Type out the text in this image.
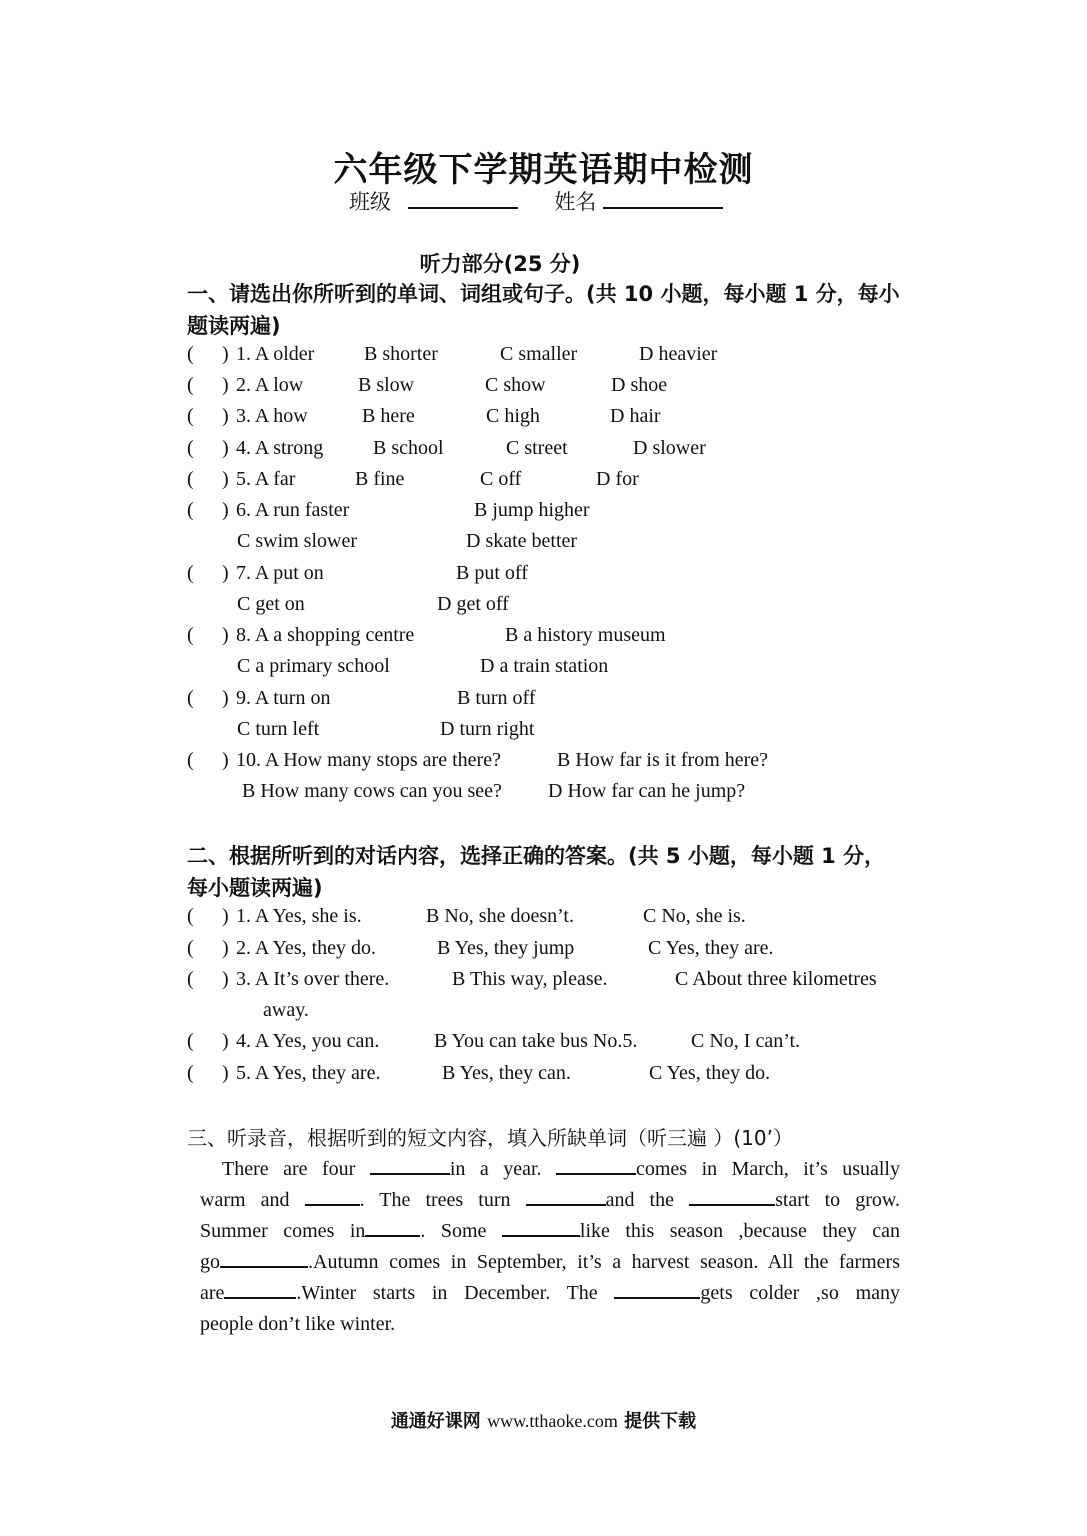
六年级下学期英语期中检测
班级	姓名
听力部分(25 分)
一、请选出你所听到的单词、词组或句子。(共 10 小题，每小题 1 分，每小
题读两遍)
( ) 1. A older B shorter	C smaller	D heavier
( ) 2. A low	B slow	C show	D shoe
( ) 3. A how	B here	C high	D hair
( ) 4. A strong B school	C street	D slower
( ) 5. A far	B fine	C off	D for
( ) 6. A run faster	B jump higher
C swim slower	D skate better
( ) 7. A put on	B put off
C get on	D get off
( ) 8. A a shopping centre	B a history museum
C a primary school	D a train station
( ) 9. A turn on	B turn off
C turn left	D turn right
( ) 10. A How many stops are there?	B How far is it from here?
B How many cows can you see? D How far can he jump?
二、根据所听到的对话内容，选择正确的答案。(共 5 小题，每小题 1 分，
每小题读两遍)
( ) 1. A Yes, she is.	B No, she doesn’t.	C No, she is.
( ) 2. A Yes, they do.	B Yes, they jump	C Yes, they are.
( ) 3. A It’s over there.	B This way, please.	C About three kilometres
away.
( ) 4. A Yes, you can.	B You can take bus No.5.	C No, I can’t.
( ) 5. A Yes, they are.	B Yes, they can.	C Yes, they do.
三、听录音，根据听到的短文内容，填入所缺单词（听三遍 ）(10’）
There are four	in a year.	comes in March, it’s usually
warm and	. The trees turn	and the	start to grow.
Summer comes in	. Some	like this season ,because they can
go	.Autumn comes in September, it’s a harvest season. All the farmers
are	.Winter starts in December. The	gets colder ,so many
people don’t like winter.
通通好课网 www.tthaoke.com 提供下载
